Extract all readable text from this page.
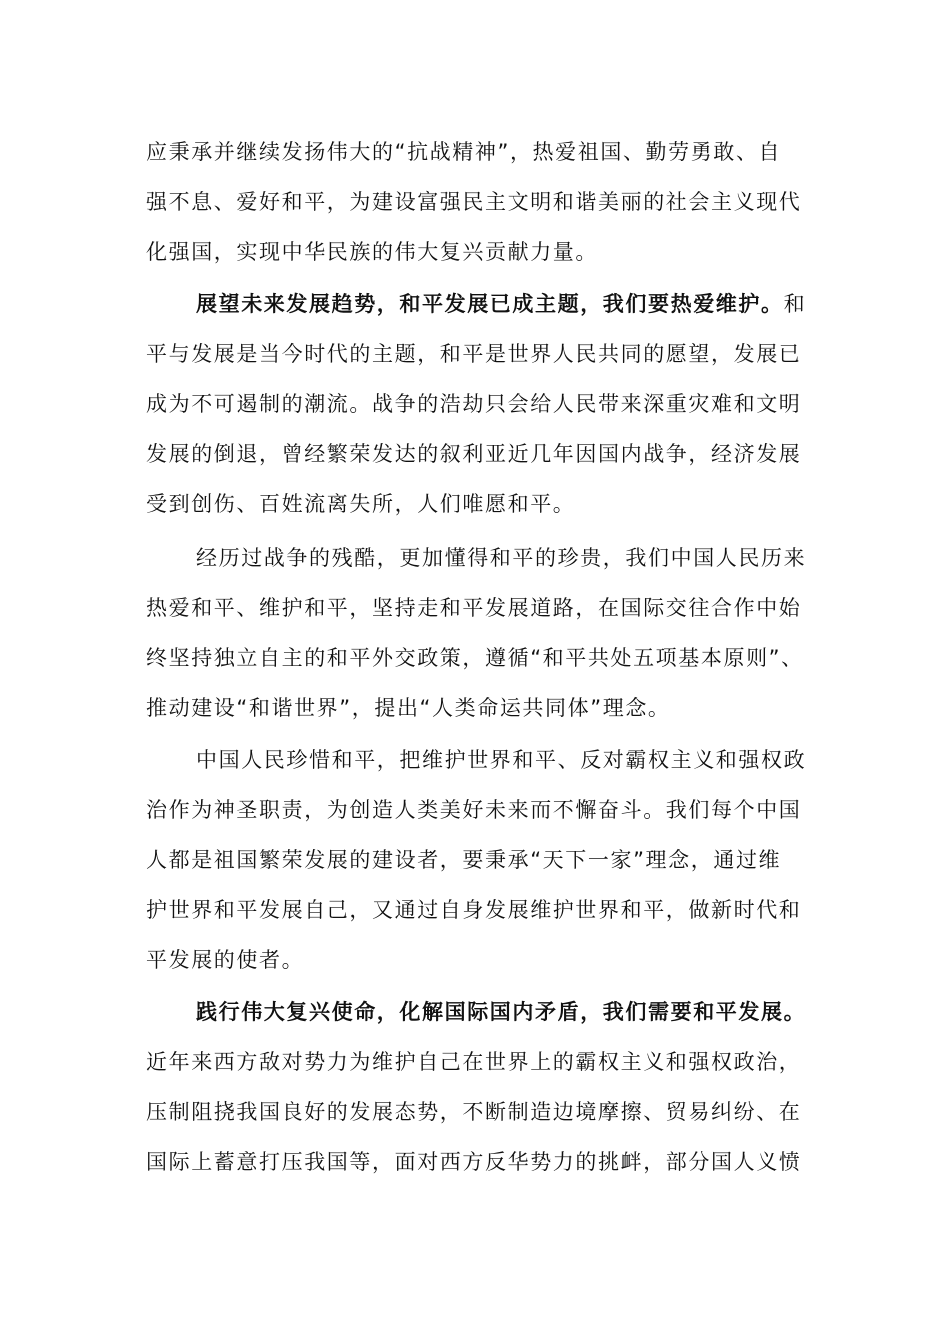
应秉承并继续发扬伟大的“抗战精神”，热爱祖国、勤劳勇敢、自
强不息、爱好和平，为建设富强民主文明和谐美丽的社会主义现代
化强国，实现中华民族的伟大复兴贡献力量。
展望未来发展趋势，和平发展已成主题，我们要热爱维护。和
平与发展是当今时代的主题，和平是世界人民共同的愿望，发展已
成为不可遏制的潮流。战争的浩劫只会给人民带来深重灾难和文明
发展的倒退，曾经繁荣发达的叙利亚近几年因国内战争，经济发展
受到创伤、百姓流离失所，人们唯愿和平。
经历过战争的残酷，更加懂得和平的珍贵，我们中国人民历来
热爱和平、维护和平，坚持走和平发展道路，在国际交往合作中始
终坚持独立自主的和平外交政策，遵循“和平共处五项基本原则”、
推动建设“和谐世界”，提出“人类命运共同体”理念。
中国人民珍惜和平，把维护世界和平、反对霸权主义和强权政
治作为神圣职责，为创造人类美好未来而不懈奋斗。我们每个中国
人都是祖国繁荣发展的建设者，要秉承“天下一家”理念，通过维
护世界和平发展自己，又通过自身发展维护世界和平，做新时代和
平发展的使者。
践行伟大复兴使命，化解国际国内矛盾，我们需要和平发展。
近年来西方敌对势力为维护自己在世界上的霸权主义和强权政治，
压制阻挠我国良好的发展态势，不断制造边境摩擦、贸易纠纷、在
国际上蓄意打压我国等，面对西方反华势力的挑衅，部分国人义愤
